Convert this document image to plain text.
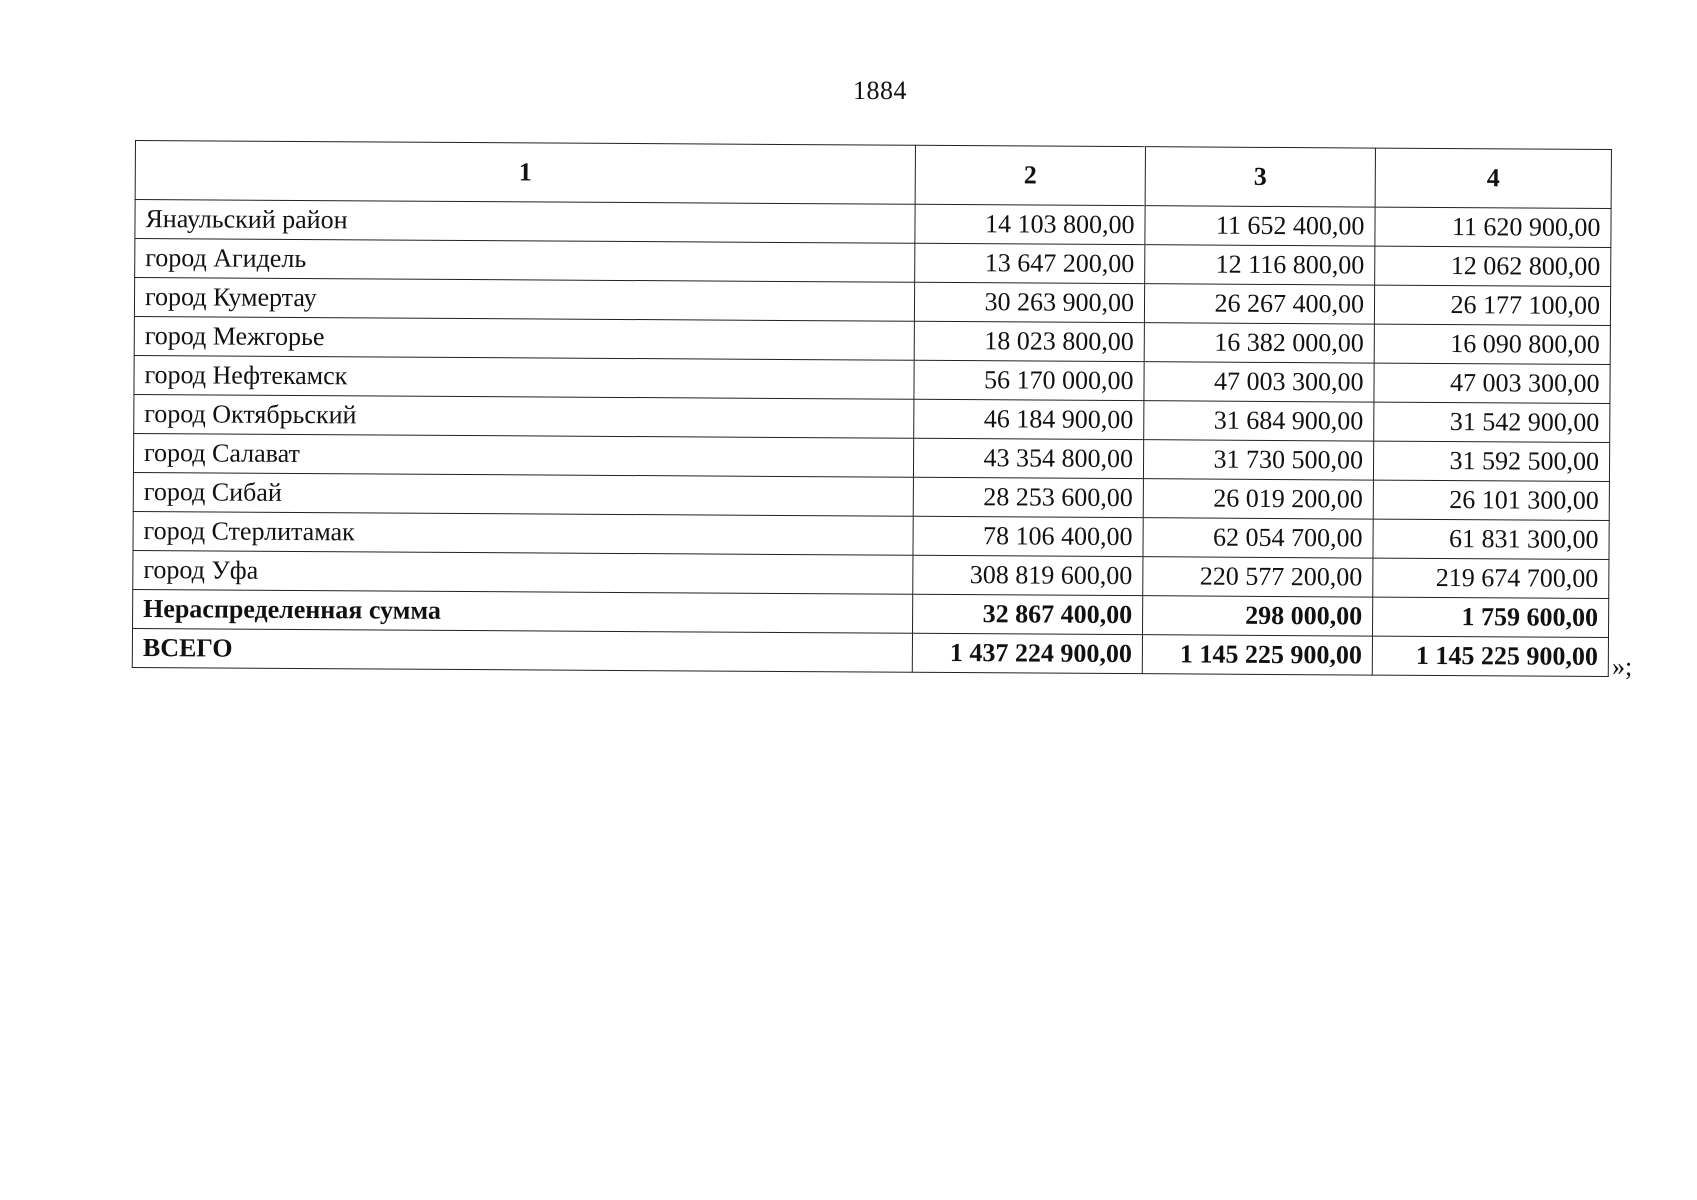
1884
1	2	3	4
Янаульский район	14 103 800,00	11 652 400,00	11 620 900,00
город Агидель	13 647 200,00	12 116 800,00	12 062 800,00
город Кумертау	30 263 900,00	26 267 400,00	26 177 100,00
город Межгорье	18 023 800,00	16 382 000,00	16 090 800,00
город Нефтекамск	56 170 000,00	47 003 300,00	47 003 300,00
город Октябрьский	46 184 900,00	31 684 900,00	31 542 900,00
город Салават	43 354 800,00	31 730 500,00	31 592 500,00
город Сибай	28 253 600,00	26 019 200,00	26 101 300,00
город Стерлитамак	78 106 400,00	62 054 700,00	61 831 300,00
город Уфа	308 819 600,00	220 577 200,00	219 674 700,00
Нераспределенная сумма	32 867 400,00	298 000,00	1 759 600,00
ВСЕГО	1 437 224 900,00	1 145 225 900,00	1 145 225 900,00 »;
